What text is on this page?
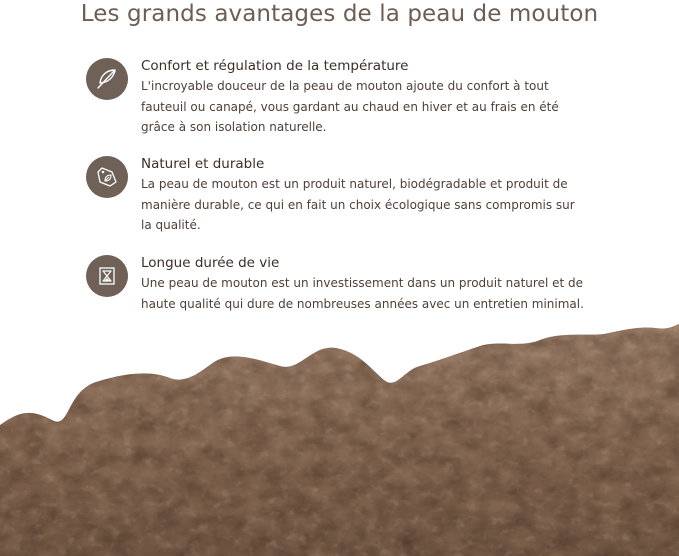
Les grands avantages de la peau de mouton
Confort et régulation de la température
L'incroyable douceur de la peau de mouton ajoute du confort à tout
fauteuil ou canapé, vous gardant au chaud en hiver et au frais en été
grâce à son isolation naturelle.
Naturel et durable
La peau de mouton est un produit naturel, biodégradable et produit de
manière durable, ce qui en fait un choix écologique sans compromis sur
la qualité.
Longue durée de vie
Une peau de mouton est un investissement dans un produit naturel et de
haute qualité qui dure de nombreuses années avec un entretien minimal.
